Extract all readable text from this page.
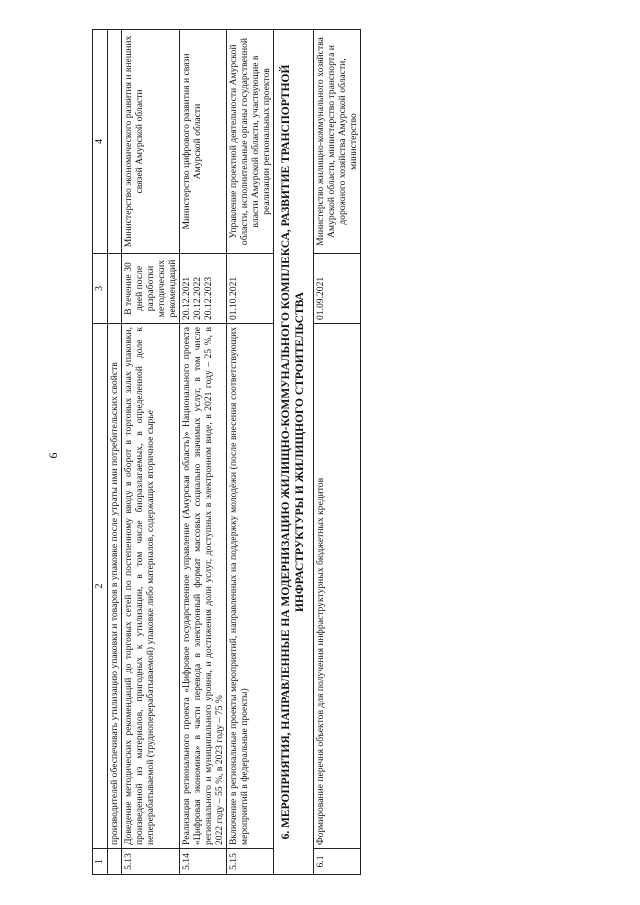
9
1	2	3	4
	производителей обеспечивать утилизацию упаковки и товаров в упаковке после утраты ими потребительских свойств		
5.13	Доведение методических рекомендаций до торговых сетей по постепенному вводу в оборот в торговых залах упаковки, произведенной из материалов, пригодных к утилизации, в том числе биоразлагаемых, в определенной доле к неперерабатываемой (трудноперерабатываемой) упаковке либо материалов, содержащих вторичное сырье	В течение 30 дней после разработки методических рекомендаций	Министерство экономического развития и внешних связей Амурской области
5.14	Реализация регионального проекта «Цифровое государственное управление (Амурская область)» Национального проекта «Цифровая экономика» в части перевода в электронный формат массовых социально значимых услуг, в том числе регионального и муниципального уровня, и достижения доли услуг, доступных в электронном виде, в 2021 году – 25 %, в 2022 году – 55 %, в 2023 году – 75 %	20.12.2021 20.12.2022 20.12.2023	Министерство цифрового развития и связи Амурской области
5.15	Включение в региональные проекты мероприятий, направленных на поддержку молодёжи (после внесения соответствующих мероприятий в федеральные проекты)	01.10.2021	Управление проектной деятельности Амурской области, исполнительные органы государственной власти Амурской области, участвующие в реализации региональных проектов
6. МЕРОПРИЯТИЯ, НАПРАВЛЕННЫЕ НА МОДЕРНИЗАЦИЮ ЖИЛИЩНО-КОММУНАЛЬНОГО КОМПЛЕКСА, РАЗВИТИЕ ТРАНСПОРТНОЙ ИНФРАСТРУКТУРЫ И ЖИЛИЩНОГО СТРОИТЕЛЬСТВА			
6.1	Формирование перечня объектов для получения инфраструктурных бюджетных кредитов	01.09.2021	Министерство жилищно-коммунального хозяйства Амурской области, министерство транспорта и дорожного хозяйства Амурской области, министерство
